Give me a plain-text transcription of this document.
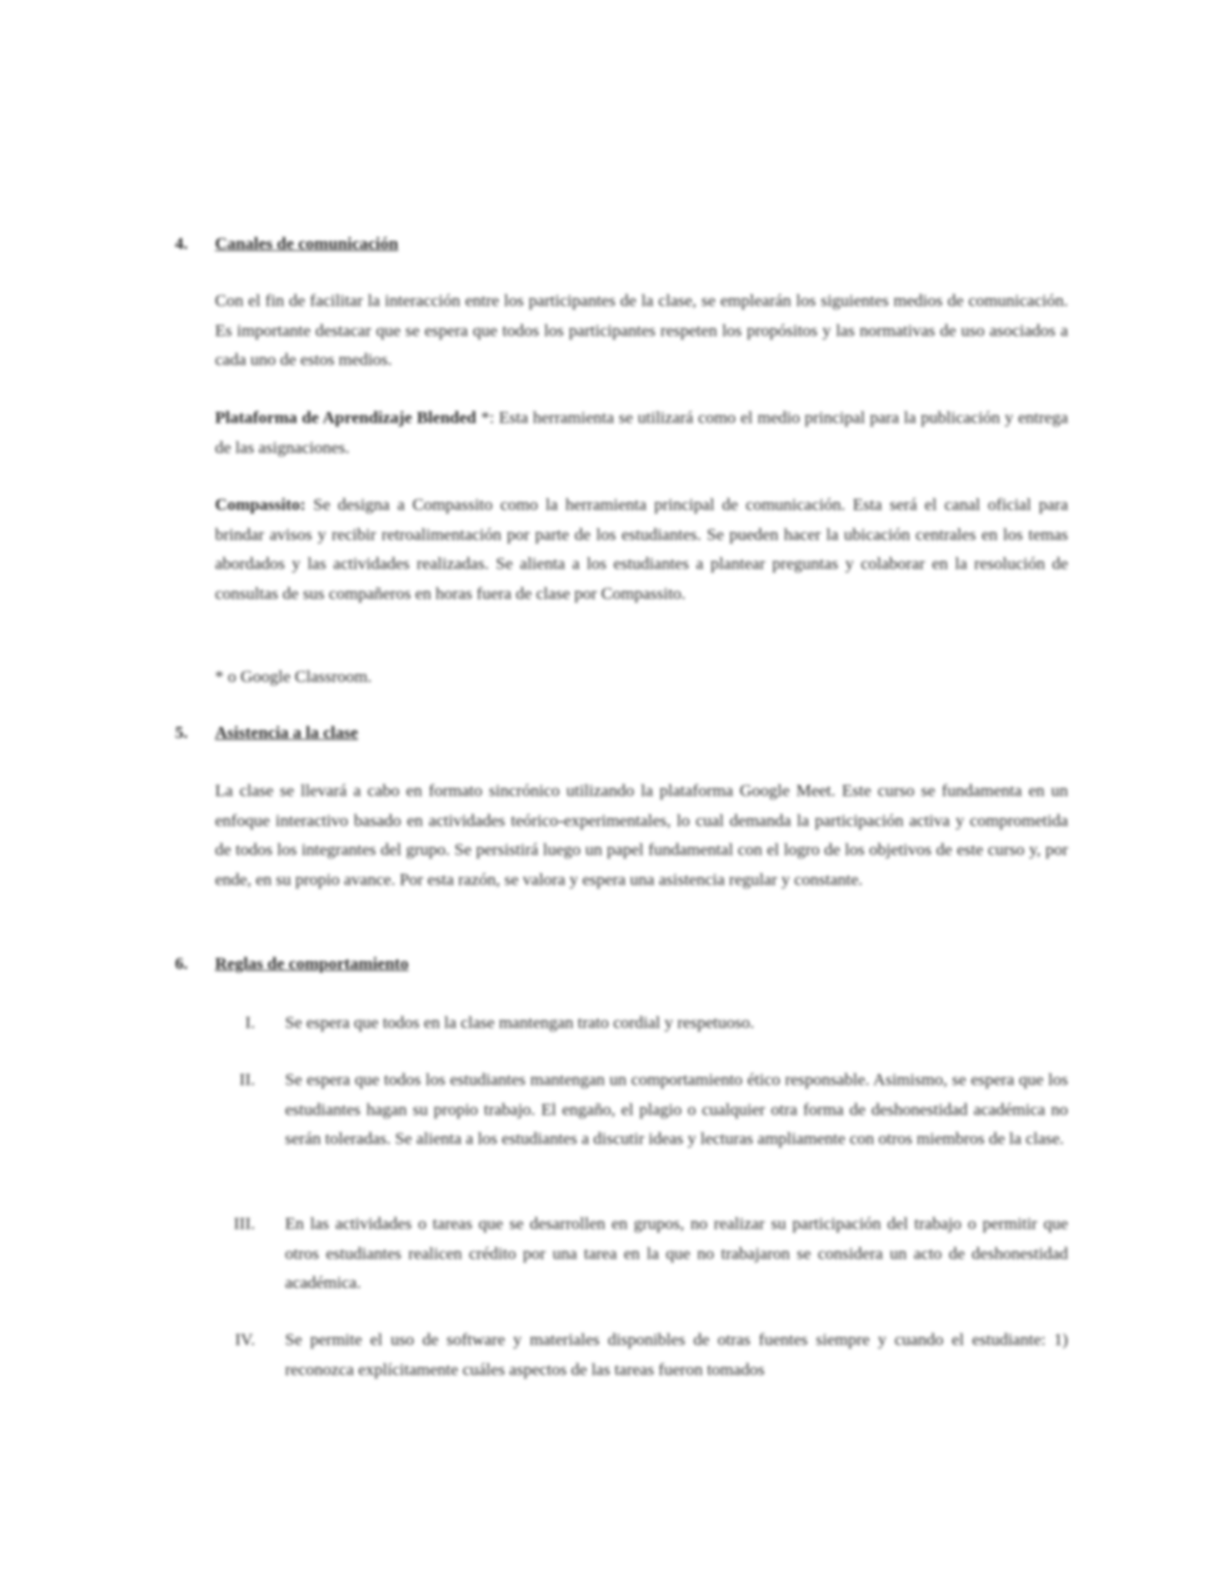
4.	Canales de comunicación

Con el fin de facilitar la interacción entre los participantes de la clase, se emplearán los siguientes medios de comunicación. Es importante destacar que se espera que todos los participantes respeten los propósitos y las normativas de uso asociados a cada uno de estos medios.

Plataforma de Aprendizaje Blended *: Esta herramienta se utilizará como el medio principal para la publicación y entrega de las asignaciones.

Compassito: Se designa a Compassito como la herramienta principal de comunicación. Esta será el canal oficial para brindar avisos y recibir retroalimentación por parte de los estudiantes. Se pueden hacer la ubicación centrales en los temas abordados y las actividades realizadas. Se alienta a los estudiantes a plantear preguntas y colaborar en la resolución de consultas de sus compañeros en horas fuera de clase por Compassito.

* o Google Classroom.

5.	Asistencia a la clase

La clase se llevará a cabo en formato sincrónico utilizando la plataforma Google Meet. Este curso se fundamenta en un enfoque interactivo basado en actividades teórico-experimentales, lo cual demanda la participación activa y comprometida de todos los integrantes del grupo. Se persistirá luego un papel fundamental con el logro de los objetivos de este curso y, por ende, en su propio avance. Por esta razón, se valora y espera una asistencia regular y constante.

6.	Reglas de comportamiento
I. Se espera que todos en la clase mantengan trato cordial y respetuoso.

II. Se espera que todos los estudiantes mantengan un comportamiento ético responsable. Asimismo, se espera que los estudiantes hagan su propio trabajo. El engaño, el plagio o cualquier otra forma de deshonestidad académica no serán toleradas. Se alienta a los estudiantes a discutir ideas y lecturas ampliamente con otros miembros de la clase.

III. En las actividades o tareas que se desarrollen en grupos, no realizar su participación del trabajo o permitir que otros estudiantes realicen crédito por una tarea en la que no trabajaron se considera un acto de deshonestidad académica.

IV. Se permite el uso de software y materiales disponibles de otras fuentes siempre y cuando el estudiante: 1) reconozca explícitamente cuáles aspectos de las tareas fueron tomados
